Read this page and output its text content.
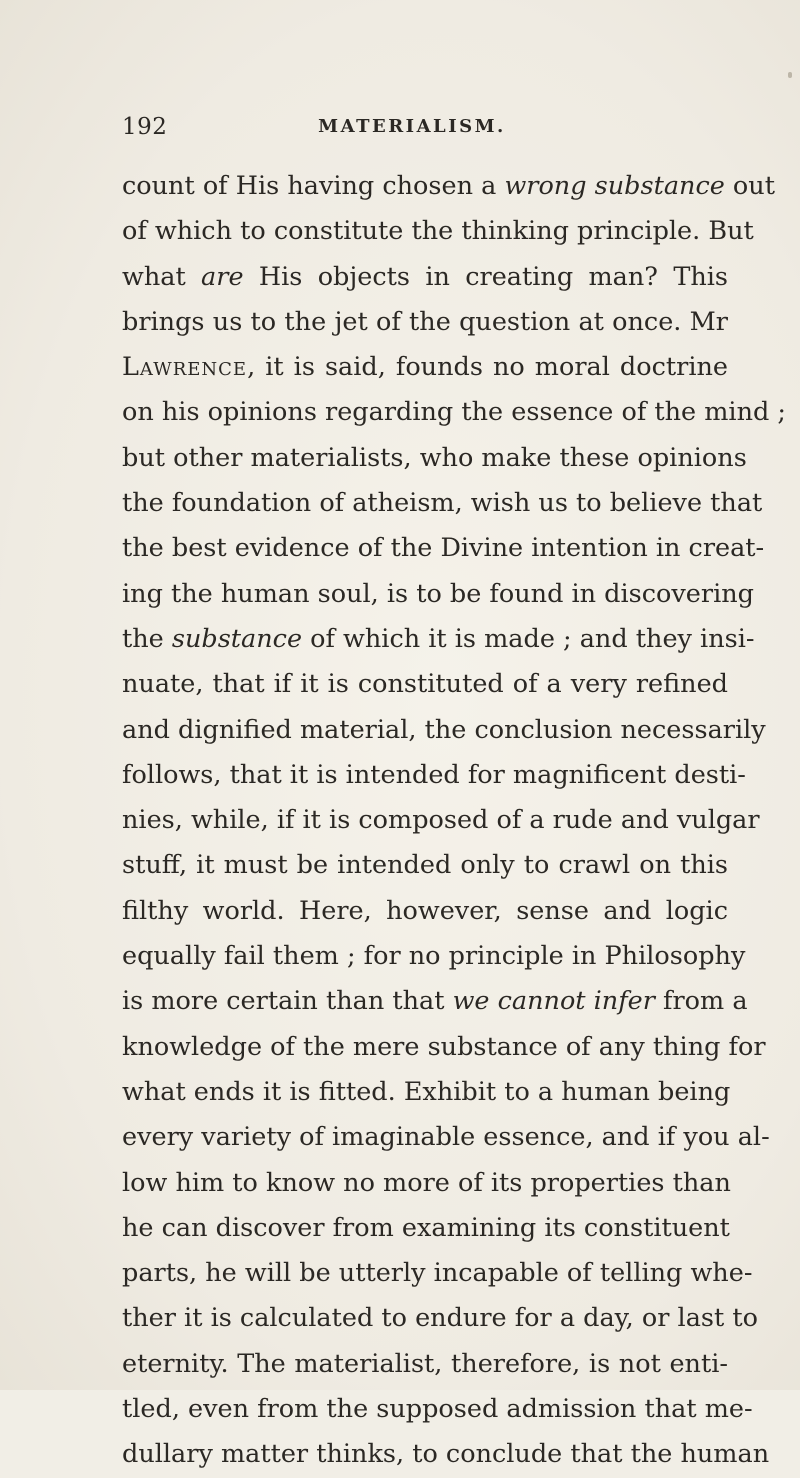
192	MATERIALISM.
count of His having chosen a wrong substance out
of which to constitute the thinking principle. But
what are His objects in creating man? This
brings us to the jet of the question at once. Mr
Lawrence, it is said, founds no moral doctrine
on his opinions regarding the essence of the mind ;
but other materialists, who make these opinions
the foundation of atheism, wish us to believe that
the best evidence of the Divine intention in creat-
ing the human soul, is to be found in discovering
the substance of which it is made ; and they insi-
nuate, that if it is constituted of a very refined
and dignified material, the conclusion necessarily
follows, that it is intended for magnificent desti-
nies, while, if it is composed of a rude and vulgar
stuff, it must be intended only to crawl on this
filthy world. Here, however, sense and logic
equally fail them ; for no principle in Philosophy
is more certain than that we cannot infer from a
knowledge of the mere substance of any thing for
what ends it is fitted. Exhibit to a human being
every variety of imaginable essence, and if you al-
low him to know no more of its properties than
he can discover from examining its constituent
parts, he will be utterly incapable of telling whe-
ther it is calculated to endure for a day, or last to
eternity. The materialist, therefore, is not enti-
tled, even from the supposed admission that me-
dullary matter thinks, to conclude that the human
